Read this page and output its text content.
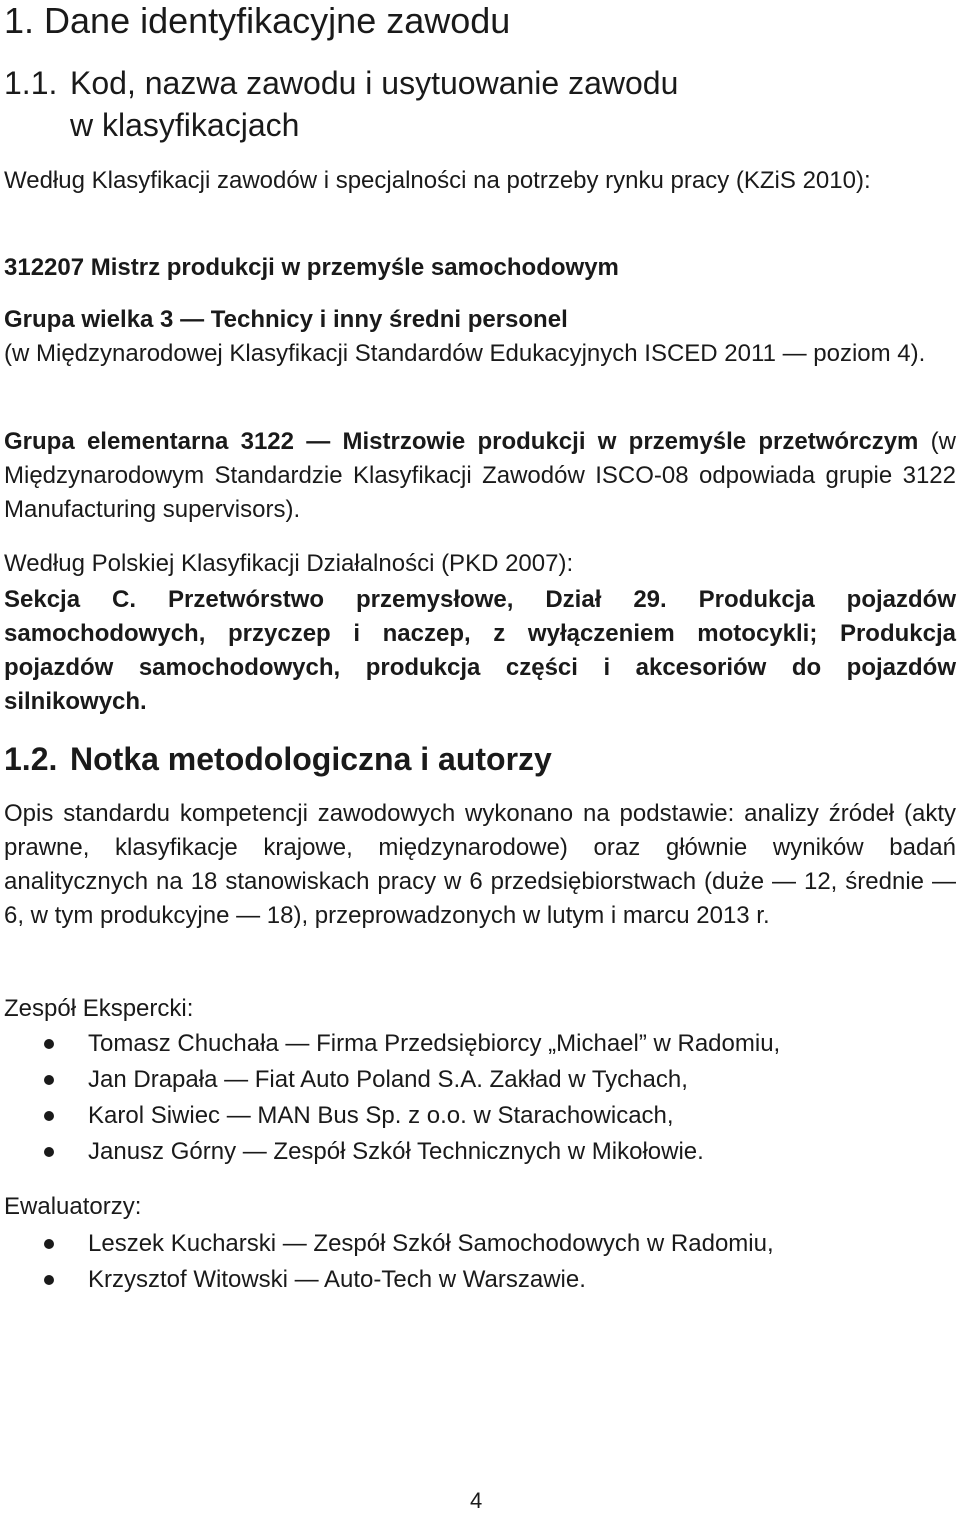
1. Dane identyfikacyjne zawodu
1.1. Kod, nazwa zawodu i usytuowanie zawodu
w klasyfikacjach

Według Klasyfikacji zawodów i specjalności na potrzeby rynku pracy (KZiS 2010):

312207 Mistrz produkcji w przemyśle samochodowym

Grupa wielka 3 — Technicy i inny średni personel
(w Międzynarodowej Klasyfikacji Standardów Edukacyjnych ISCED 2011 — poziom 4).

Grupa elementarna 3122 — Mistrzowie produkcji w przemyśle przetwórczym (w Międzynarodowym Standardzie Klasyfikacji Zawodów ISCO-08 odpowiada grupie 3122 Manufacturing supervisors).

Według Polskiej Klasyfikacji Działalności (PKD 2007):

Sekcja C. Przetwórstwo przemysłowe, Dział 29. Produkcja pojazdów samochodowych, przyczep i naczep, z wyłączeniem motocykli; Produkcja pojazdów samochodowych, produkcja części i akcesoriów do pojazdów silnikowych.

1.2. Notka metodologiczna i autorzy

Opis standardu kompetencji zawodowych wykonano na podstawie: analizy źródeł (akty prawne, klasyfikacje krajowe, międzynarodowe) oraz głównie wyników badań analitycznych na 18 stanowiskach pracy w 6 przedsiębiorstwach (duże — 12, średnie — 6, w tym produkcyjne — 18), przeprowadzonych w lutym i marcu 2013 r.

Zespół Ekspercki:

Tomasz Chuchała — Firma Przedsiębiorcy „Michael” w Radomiu,
Jan Drapała — Fiat Auto Poland S.A. Zakład w Tychach,
Karol Siwiec — MAN Bus Sp. z o.o. w Starachowicach,
Janusz Górny — Zespół Szkół Technicznych w Mikołowie.

Ewaluatorzy:

Leszek Kucharski — Zespół Szkół Samochodowych w Radomiu,
Krzysztof Witowski — Auto-Tech w Warszawie.
4
